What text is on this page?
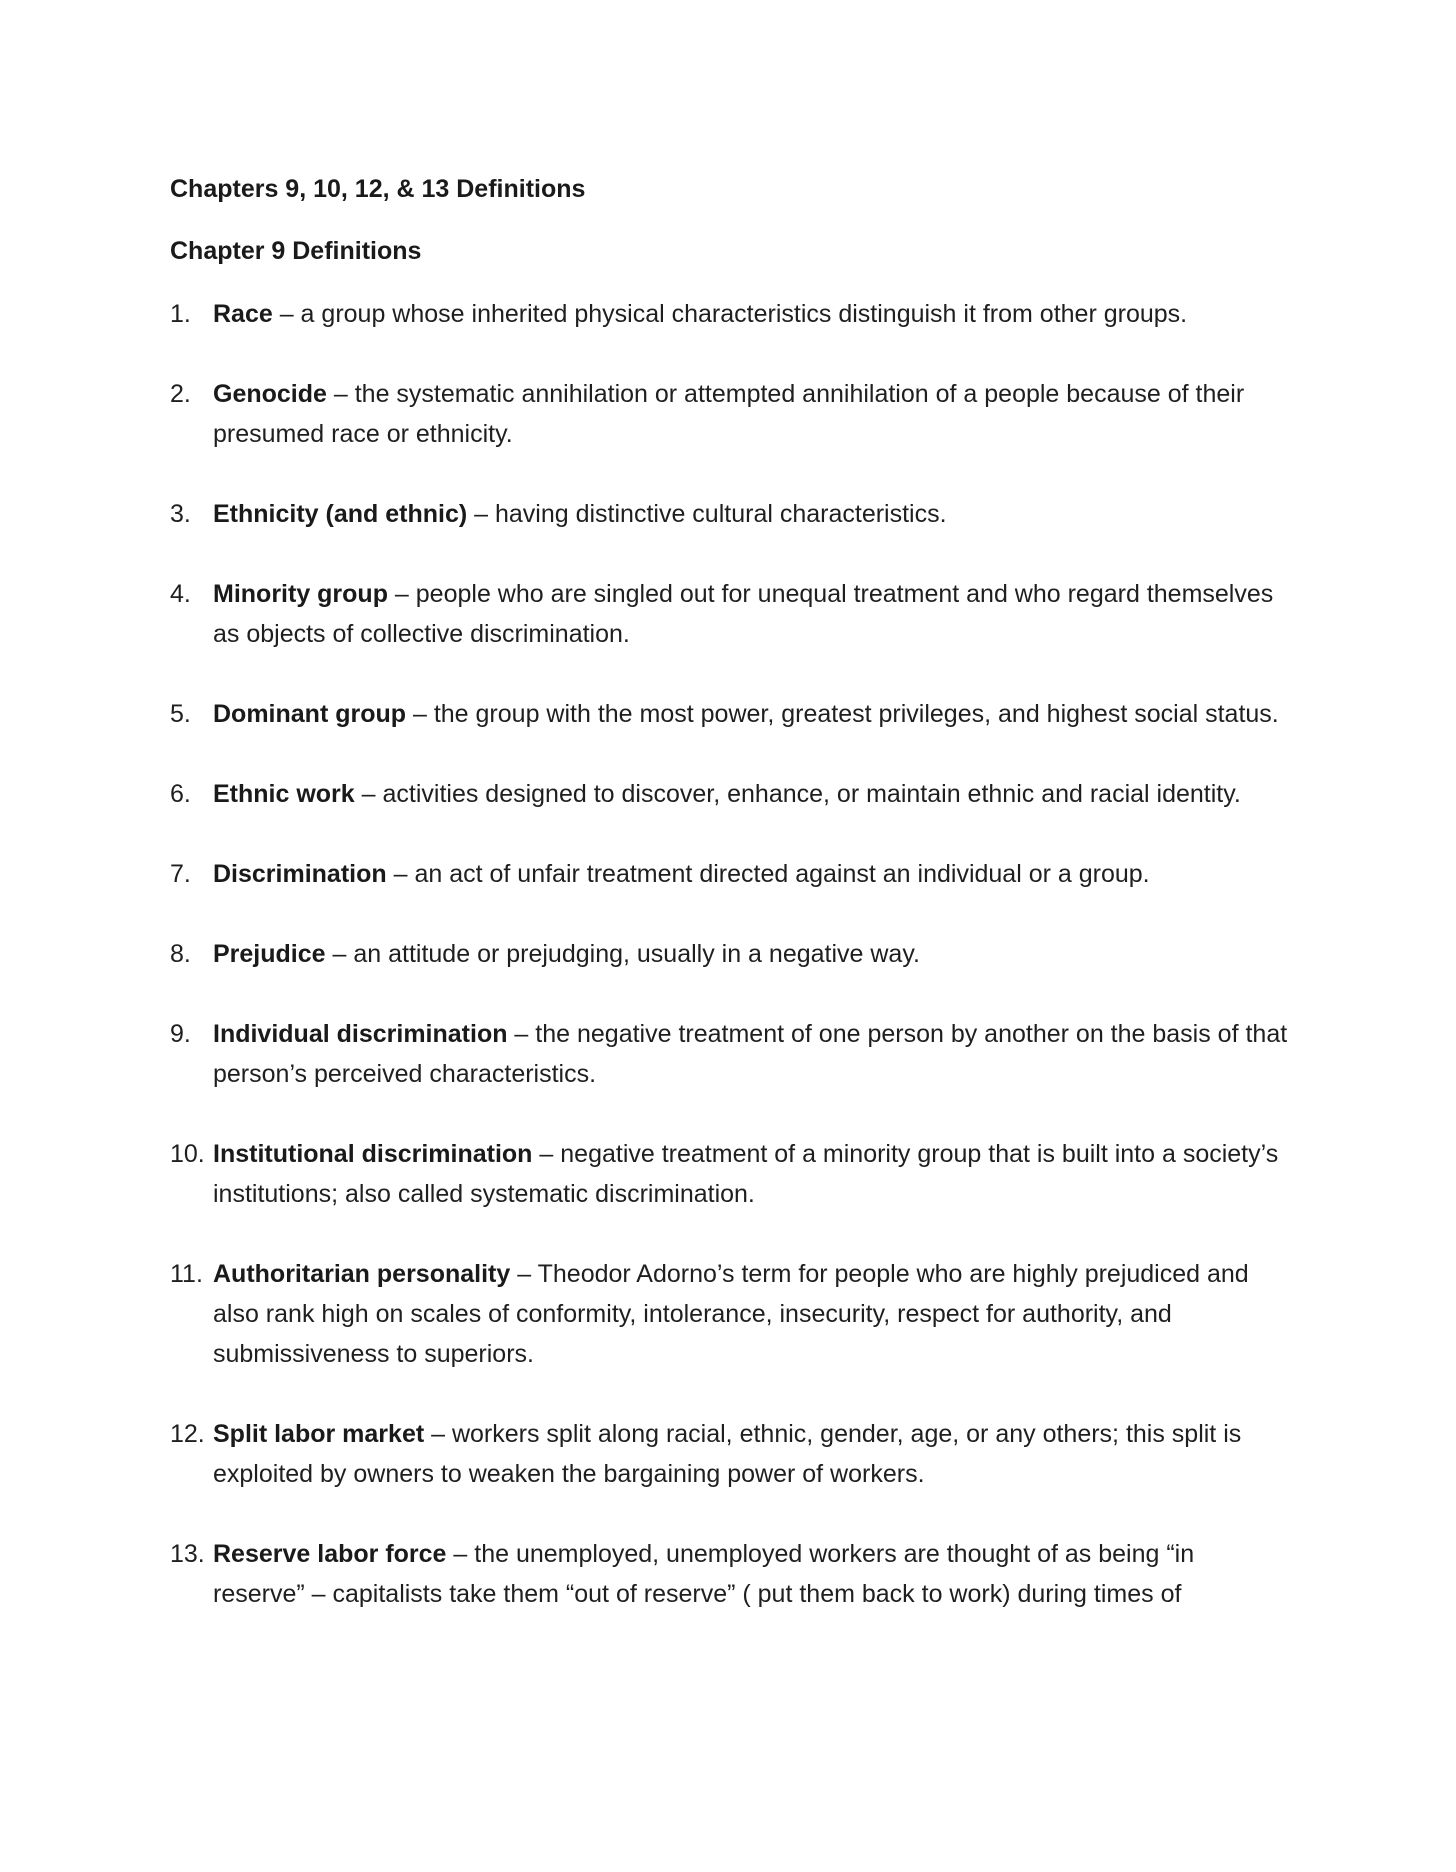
Chapters 9, 10, 12, & 13 Definitions

Chapter 9 Definitions

1. Race – a group whose inherited physical characteristics distinguish it from other groups.
2. Genocide – the systematic annihilation or attempted annihilation of a people because of their presumed race or ethnicity.
3. Ethnicity (and ethnic) – having distinctive cultural characteristics.
4. Minority group – people who are singled out for unequal treatment and who regard themselves as objects of collective discrimination.
5. Dominant group – the group with the most power, greatest privileges, and highest social status.
6. Ethnic work – activities designed to discover, enhance, or maintain ethnic and racial identity.
7. Discrimination – an act of unfair treatment directed against an individual or a group.
8. Prejudice – an attitude or prejudging, usually in a negative way.
9. Individual discrimination – the negative treatment of one person by another on the basis of that person’s perceived characteristics.
10. Institutional discrimination – negative treatment of a minority group that is built into a society’s institutions; also called systematic discrimination.
11. Authoritarian personality – Theodor Adorno’s term for people who are highly prejudiced and also rank high on scales of conformity, intolerance, insecurity, respect for authority, and submissiveness to superiors.
12. Split labor market – workers split along racial, ethnic, gender, age, or any others; this split is exploited by owners to weaken the bargaining power of workers.
13. Reserve labor force – the unemployed, unemployed workers are thought of as being “in reserve” – capitalists take them “out of reserve” ( put them back to work) during times of
